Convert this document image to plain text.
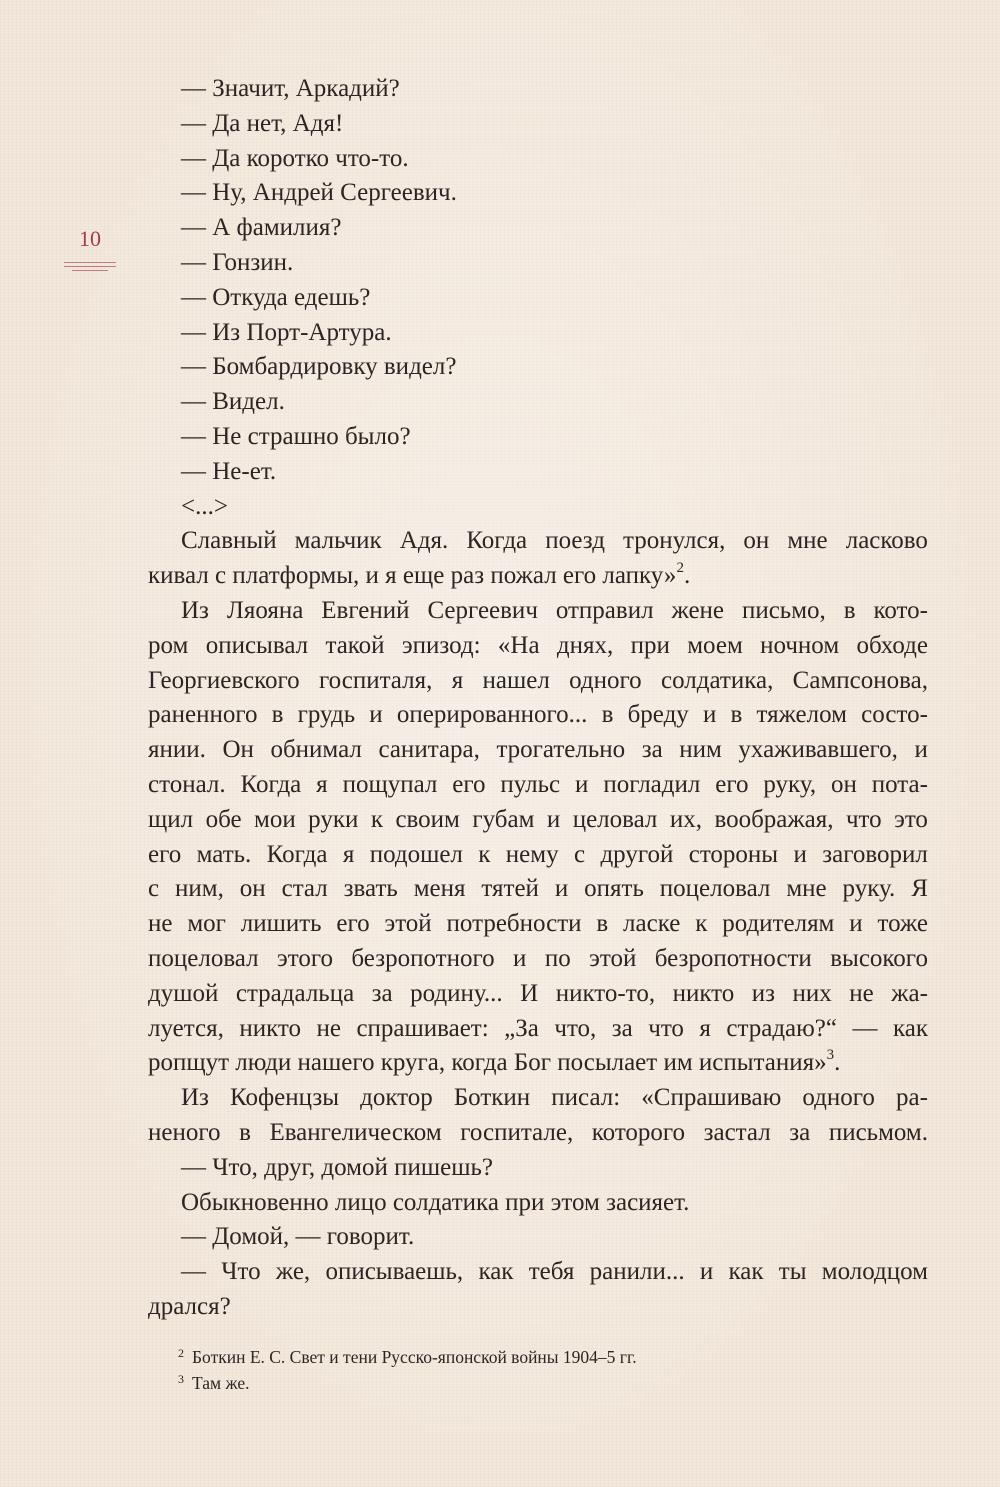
10
— Значит, Аркадий?
— Да нет, Адя!
— Да коротко что-то.
— Ну, Андрей Сергеевич.
— А фамилия?
— Гонзин.
— Откуда едешь?
— Из Порт-Артура.
— Бомбардировку видел?
— Видел.
— Не страшно было?
— Не-ет.
<...>
Славный мальчик Адя. Когда поезд тронулся, он мне ласково
кивал с платформы, и я еще раз пожал его лапку»$^2$.
Из Ляояна Евгений Сергеевич отправил жене письмо, в кото-
ром описывал такой эпизод: «На днях, при моем ночном обходе
Георгиевского госпиталя, я нашел одного солдатика, Сампсонова,
раненного в грудь и оперированного... в бреду и в тяжелом состо-
янии. Он обнимал санитара, трогательно за ним ухаживавшего, и
стонал. Когда я пощупал его пульс и погладил его руку, он пота-
щил обе мои руки к своим губам и целовал их, воображая, что это
его мать. Когда я подошел к нему с другой стороны и заговорил
с ним, он стал звать меня тятей и опять поцеловал мне руку. Я
не мог лишить его этой потребности в ласке к родителям и тоже
поцеловал этого безропотного и по этой безропотности высокого
душой страдальца за родину... И никто-то, никто из них не жа-
луется, никто не спрашивает: „За что, за что я страдаю?“ — как
ропщут люди нашего круга, когда Бог посылает им испытания»$^3$.
Из Кофенцзы доктор Боткин писал: «Спрашиваю одного ра-
неного в Евангелическом госпитале, которого застал за письмом.
— Что, друг, домой пишешь?
Обыкновенно лицо солдатика при этом засияет.
— Домой, — говорит.
— Что же, описываешь, как тебя ранили... и как ты молодцом
дрался?
$^2$ Боткин Е. С. Свет и тени Русско-японской войны 1904–5 гг.
$^3$ Там же.
